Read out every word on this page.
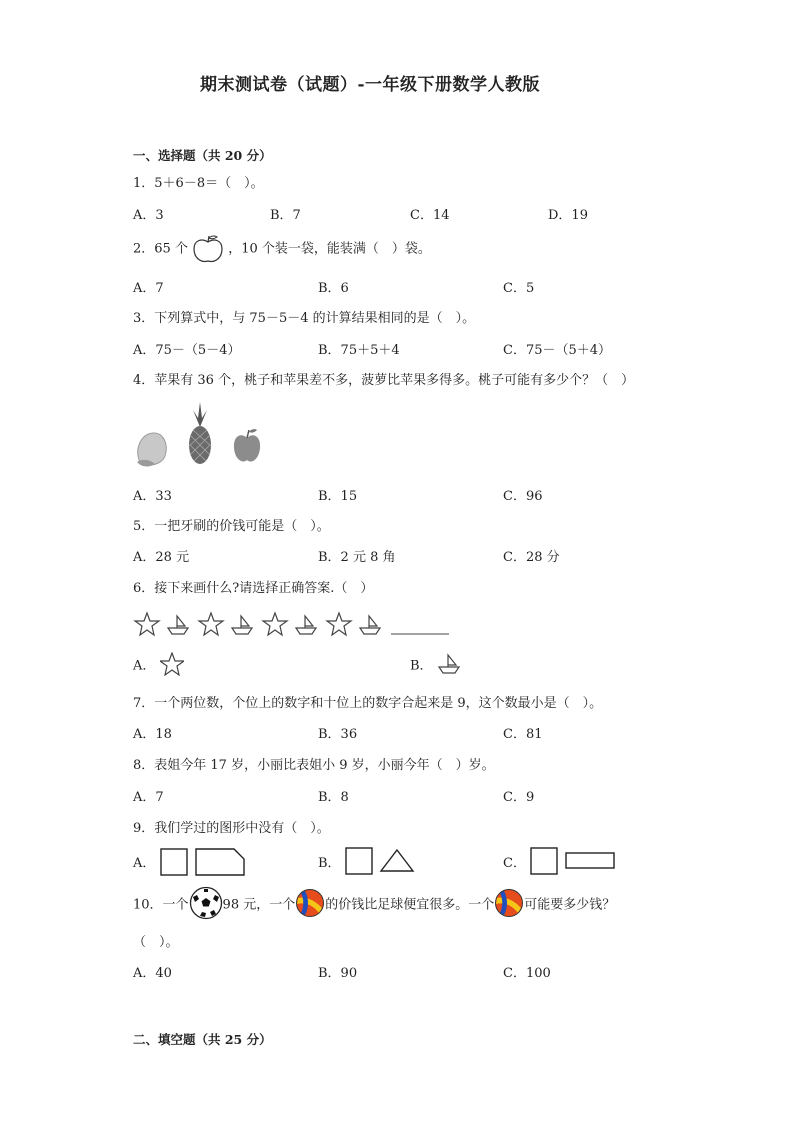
期末测试卷（试题）-一年级下册数学人教版
一、选择题（共 20 分）
1．5＋6－8＝（　）。
A．3	B．7	C．14	D．19
2．65 个	，10 个装一袋，能装满（　）袋。
A．7	B．6	C．5
3．下列算式中，与 75－5－4 的计算结果相同的是（　）。
A．75－（5－4）	B．75＋5＋4	C．75－（5＋4）
4．苹果有 36 个，桃子和苹果差不多，菠萝比苹果多得多。桃子可能有多少个？（　）
A．33	B．15	C．96
5．一把牙刷的价钱可能是（　）。
A．28 元	B．2 元 8 角	C．28 分
6．接下来画什么?请选择正确答案.（　）
A．	B．
7．一个两位数，个位上的数字和十位上的数字合起来是 9，这个数最小是（　）。
A．18	B．36	C．81
8．表姐今年 17 岁，小丽比表姐小 9 岁，小丽今年（　）岁。
A．7	B．8	C．9
9．我们学过的图形中没有（　）。
A．
	B．
	C．

10．一个	98 元，一个 的价钱比足球便宜很多。一个 可能要多少钱？
（　）。
A．40	B．90	C．100
二、填空题（共 25 分）
